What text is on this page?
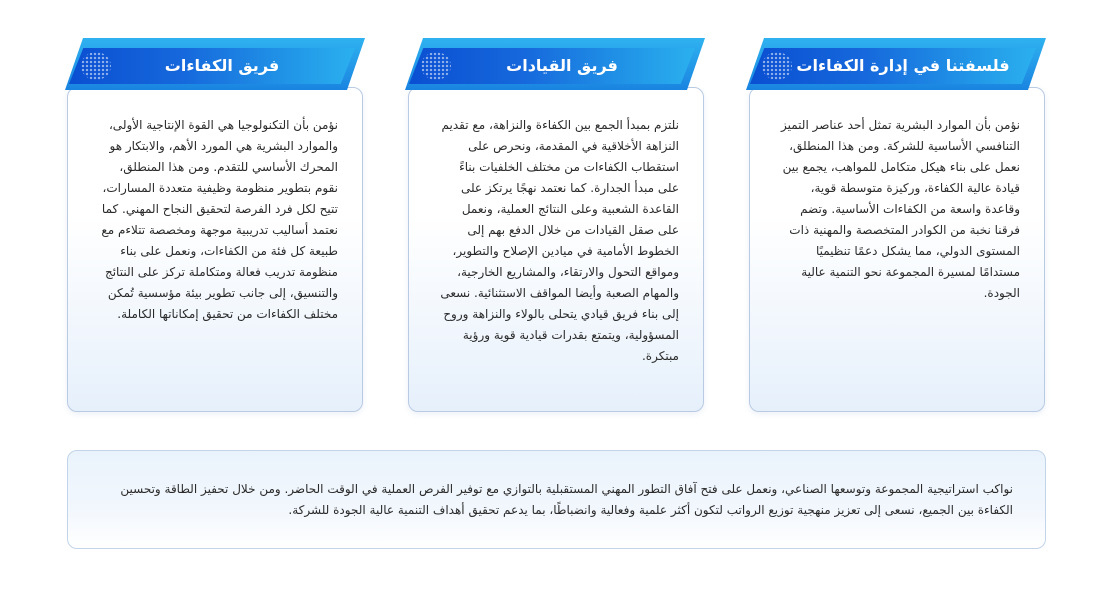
نؤمن بأن الموارد البشرية تمثل أحد عناصر التميز التنافسي الأساسية للشركة. ومن هذا المنطلق، نعمل على بناء هيكل متكامل للمواهب، يجمع بين قيادة عالية الكفاءة، وركيزة متوسطة قوية، وقاعدة واسعة من الكفاءات الأساسية. وتضم فرقنا نخبة من الكوادر المتخصصة والمهنية ذات المستوى الدولي، مما يشكل دعمًا تنظيميًا مستدامًا لمسيرة المجموعة نحو التنمية عالية الجودة.

فلسفتنا في إدارة الكفاءات

نلتزم بمبدأ الجمع بين الكفاءة والنزاهة، مع تقديم النزاهة الأخلاقية في المقدمة، ونحرص على استقطاب الكفاءات من مختلف الخلفيات بناءً على مبدأ الجدارة. كما نعتمد نهجًا يرتكز على القاعدة الشعبية وعلى النتائج العملية، ونعمل على صقل القيادات من خلال الدفع بهم إلى الخطوط الأمامية في ميادين الإصلاح والتطوير، ومواقع التحول والارتقاء، والمشاريع الخارجية، والمهام الصعبة وأيضا المواقف الاستثنائية. نسعى إلى بناء فريق قيادي يتحلى بالولاء والنزاهة وروح المسؤولية، ويتمتع بقدرات قيادية قوية ورؤية مبتكرة.

فريق القيادات

نؤمن بأن التكنولوجيا هي القوة الإنتاجية الأولى، والموارد البشرية هي المورد الأهم، والابتكار هو المحرك الأساسي للتقدم. ومن هذا المنطلق، نقوم بتطوير منظومة وظيفية متعددة المسارات، تتيح لكل فرد الفرصة لتحقيق النجاح المهني. كما نعتمد أساليب تدريبية موجهة ومخصصة تتلاءم مع طبيعة كل فئة من الكفاءات، ونعمل على بناء منظومة تدريب فعالة ومتكاملة تركز على النتائج والتنسيق، إلى جانب تطوير بيئة مؤسسية تُمكن مختلف الكفاءات من تحقيق إمكاناتها الكاملة.

فريق الكفاءات

نواكب استراتيجية المجموعة وتوسعها الصناعي، ونعمل على فتح آفاق التطور المهني المستقبلية بالتوازي مع توفير الفرص العملية في الوقت الحاضر. ومن خلال تحفيز الطاقة وتحسين الكفاءة بين الجميع، نسعى إلى تعزيز منهجية توزيع الرواتب لتكون أكثر علمية وفعالية وانضباطًا، بما يدعم تحقيق أهداف التنمية عالية الجودة للشركة.
